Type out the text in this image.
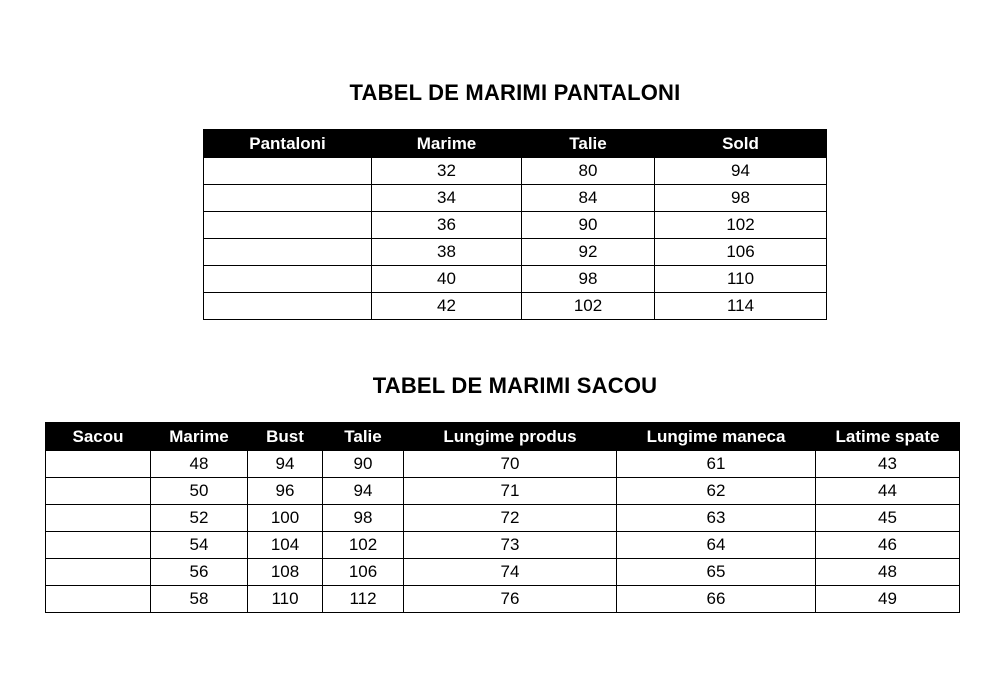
TABEL DE MARIMI PANTALONI
Pantaloni	Marime	Talie	Sold
	32	80	94
	34	84	98
	36	90	102
	38	92	106
	40	98	110
	42	102	114
TABEL DE MARIMI SACOU
Sacou	Marime	Bust	Talie	Lungime produs	Lungime maneca	Latime spate
	48	94	90	70	61	43
	50	96	94	71	62	44
	52	100	98	72	63	45
	54	104	102	73	64	46
	56	108	106	74	65	48
	58	110	112	76	66	49
